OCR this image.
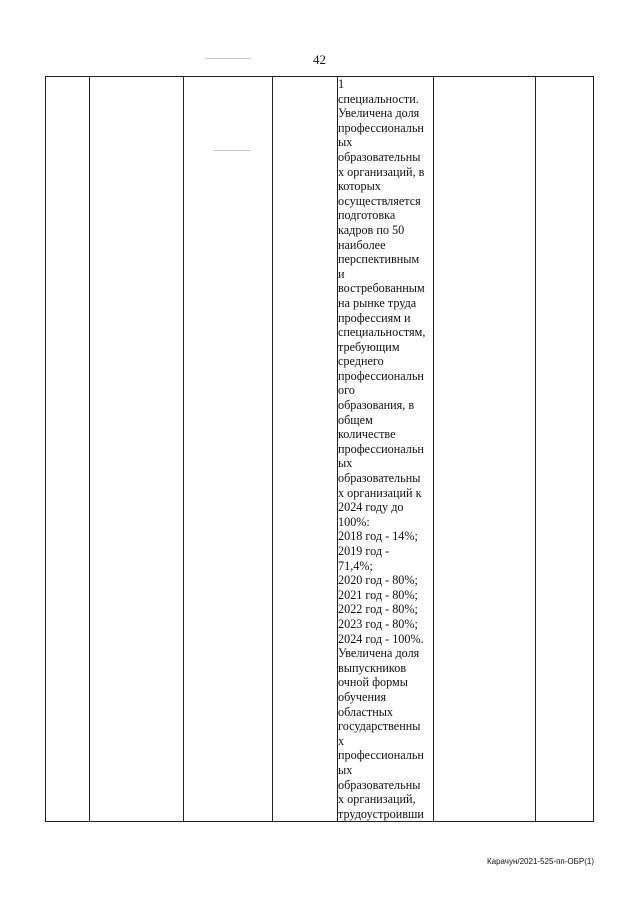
42
				1
специальности.
Увеличена доля
профессиональн
ых
образовательны
х организаций, в
которых
осуществляется
подготовка
кадров по 50
наиболее
перспективным
и
востребованным
на рынке труда
профессиям и
специальностям,
требующим
среднего
профессиональн
ого
образования, в
общем
количестве
профессиональн
ых
образовательны
х организаций к
2024 году до
100%:
2018 год - 14%;
2019 год -
71,4%;
2020 год - 80%;
2021 год - 80%;
2022 год - 80%;
2023 год - 80%;
2024 год - 100%.
Увеличена доля
выпускников
очной формы
обучения
областных
государственны
х
профессиональн
ых
образовательны
х организаций,
трудоустроивши		
Карачун/2021-525-пп-ОБР(1)
